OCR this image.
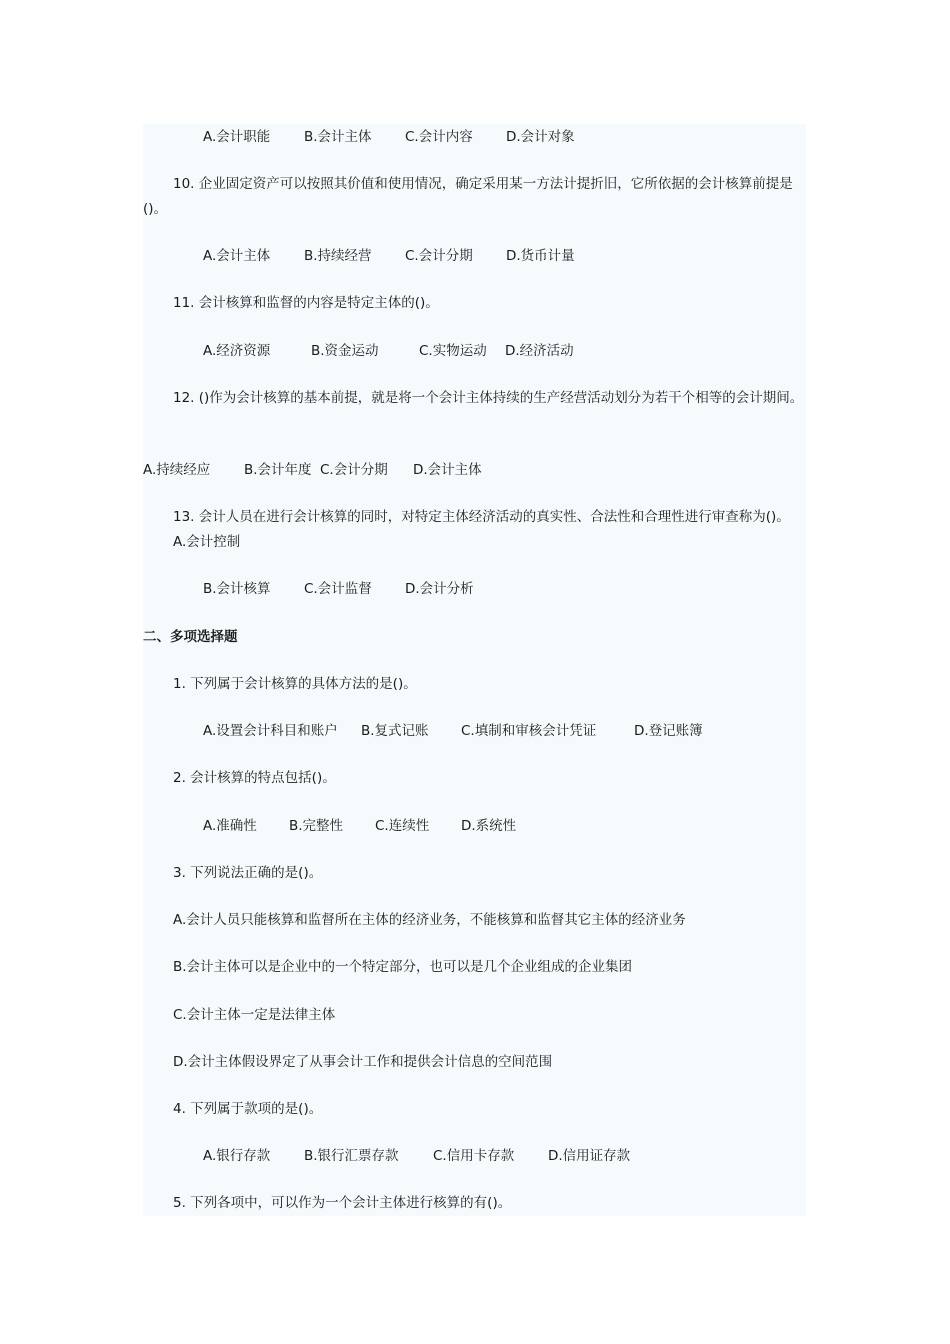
A.会计职能 B.会计主体 C.会计内容 D.会计对象
10. 企业固定资产可以按照其价值和使用情况，确定采用某一方法计提折旧，它所依据的会计核算前提是()。
A.会计主体 B.持续经营 C.会计分期 D.货币计量
11. 会计核算和监督的内容是特定主体的()。
A.经济资源	B.资金运动	C.实物运动 D.经济活动
12. ()作为会计核算的基本前提，就是将一个会计主体持续的生产经营活动划分为若干个相等的会计期间。
A.持续经应 B.会计年度 C.会计分期 D.会计主体
13. 会计人员在进行会计核算的同时，对特定主体经济活动的真实性、合法性和合理性进行审查称为()。A.会计控制
B.会计核算 C.会计监督 D.会计分析
二、多项选择题
1. 下列属于会计核算的具体方法的是()。
A.设置会计科目和账户 B.复式记账 C.填制和审核会计凭证	D.登记账簿
2. 会计核算的特点包括()。
A.准确性 B.完整性 C.连续性 D.系统性
3. 下列说法正确的是()。
A.会计人员只能核算和监督所在主体的经济业务，不能核算和监督其它主体的经济业务
B.会计主体可以是企业中的一个特定部分，也可以是几个企业组成的企业集团
C.会计主体一定是法律主体
D.会计主体假设界定了从事会计工作和提供会计信息的空间范围
4. 下列属于款项的是()。
A.银行存款 B.银行汇票存款	C.信用卡存款	D.信用证存款
5. 下列各项中，可以作为一个会计主体进行核算的有()。
